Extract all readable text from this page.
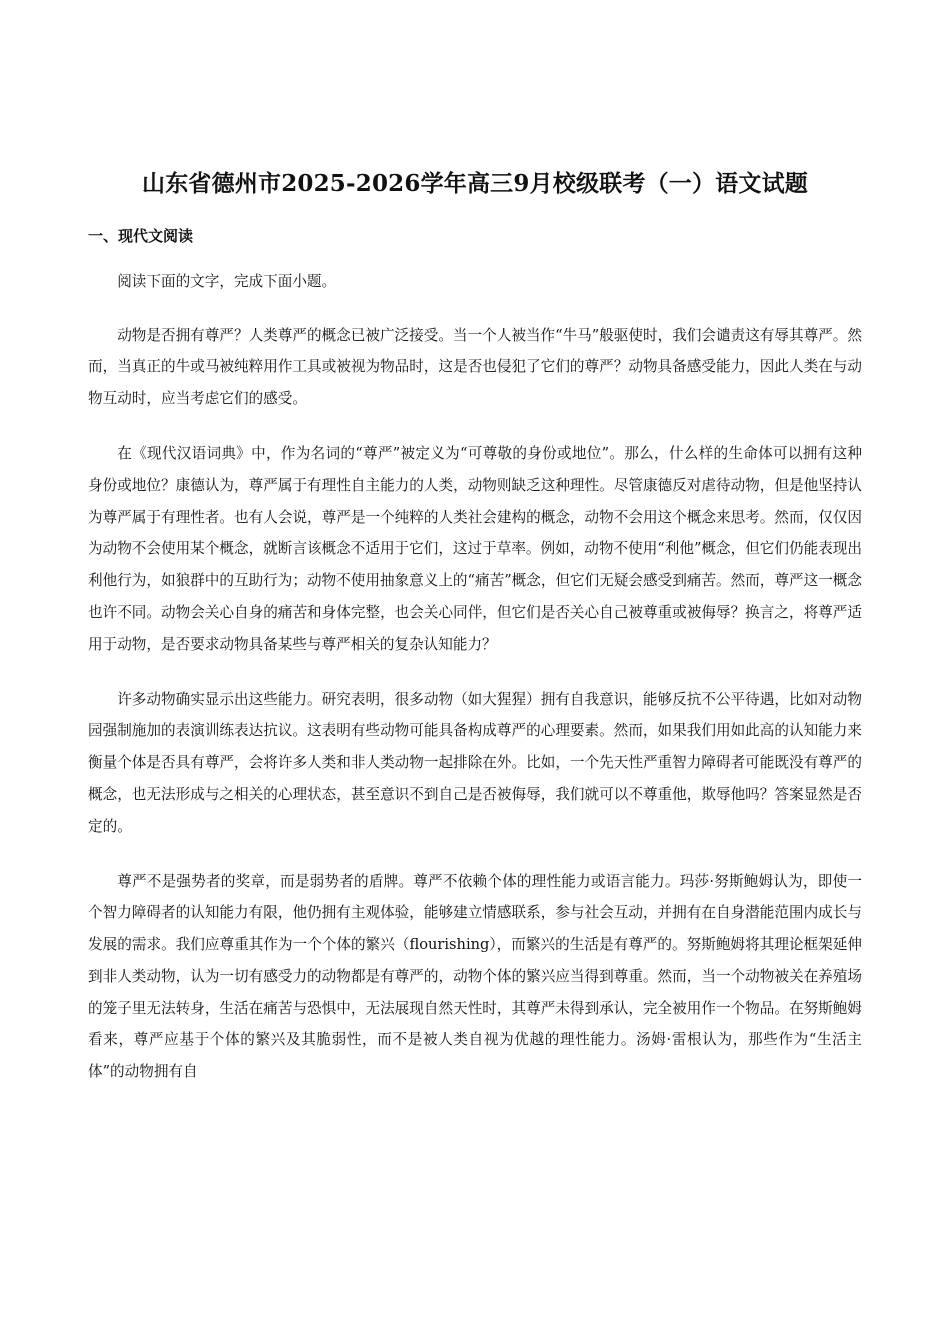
山东省德州市2025-2026学年高三9月校级联考（一）语文试题
一、现代文阅读

阅读下面的文字，完成下面小题。

动物是否拥有尊严？人类尊严的概念已被广泛接受。当一个人被当作“牛马”般驱使时，我们会谴责这有辱其尊严。然而，当真正的牛或马被纯粹用作工具或被视为物品时，这是否也侵犯了它们的尊严？动物具备感受能力，因此人类在与动物互动时，应当考虑它们的感受。

在《现代汉语词典》中，作为名词的“尊严”被定义为“可尊敬的身份或地位”。那么，什么样的生命体可以拥有这种身份或地位？康德认为，尊严属于有理性自主能力的人类，动物则缺乏这种理性。尽管康德反对虐待动物，但是他坚持认为尊严属于有理性者。也有人会说，尊严是一个纯粹的人类社会建构的概念，动物不会用这个概念来思考。然而，仅仅因为动物不会使用某个概念，就断言该概念不适用于它们，这过于草率。例如，动物不使用“利他”概念，但它们仍能表现出利他行为，如狼群中的互助行为；动物不使用抽象意义上的“痛苦”概念，但它们无疑会感受到痛苦。然而，尊严这一概念也许不同。动物会关心自身的痛苦和身体完整，也会关心同伴，但它们是否关心自己被尊重或被侮辱？换言之，将尊严适用于动物，是否要求动物具备某些与尊严相关的复杂认知能力？

许多动物确实显示出这些能力。研究表明，很多动物（如大猩猩）拥有自我意识，能够反抗不公平待遇，比如对动物园强制施加的表演训练表达抗议。这表明有些动物可能具备构成尊严的心理要素。然而，如果我们用如此高的认知能力来衡量个体是否具有尊严，会将许多人类和非人类动物一起排除在外。比如，一个先天性严重智力障碍者可能既没有尊严的概念，也无法形成与之相关的心理状态，甚至意识不到自己是否被侮辱，我们就可以不尊重他，欺辱他吗？答案显然是否定的。

尊严不是强势者的奖章，而是弱势者的盾牌。尊严不依赖个体的理性能力或语言能力。玛莎·努斯鲍姆认为，即使一个智力障碍者的认知能力有限，他仍拥有主观体验，能够建立情感联系，参与社会互动，并拥有在自身潜能范围内成长与发展的需求。我们应尊重其作为一个个体的繁兴（flourishing），而繁兴的生活是有尊严的。努斯鲍姆将其理论框架延伸到非人类动物，认为一切有感受力的动物都是有尊严的，动物个体的繁兴应当得到尊重。然而，当一个动物被关在养殖场的笼子里无法转身，生活在痛苦与恐惧中，无法展现自然天性时，其尊严未得到承认，完全被用作一个物品。在努斯鲍姆看来，尊严应基于个体的繁兴及其脆弱性，而不是被人类自视为优越的理性能力。汤姆·雷根认为，那些作为“生活主体”的动物拥有自
